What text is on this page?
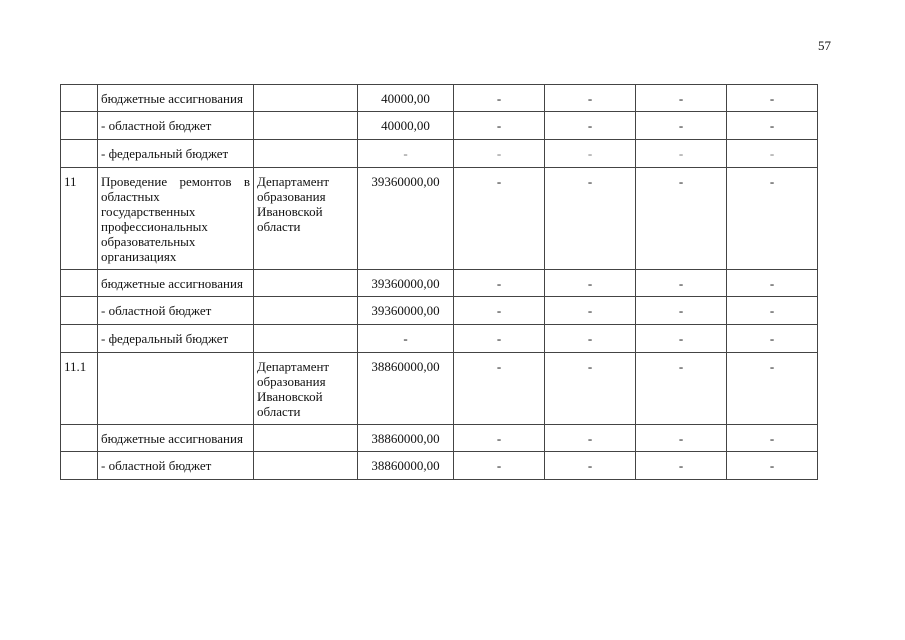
57
	бюджетные ассигнования		40000,00	-	-	-	-
	- областной бюджет		40000,00	-	-	-	-
	- федеральный бюджет		-	-	-	-	-
11	Проведение ремонтов в областных государственных профессиональных образовательных организациях	Департамент образования Ивановской области	39360000,00	-	-	-	-
	бюджетные ассигнования		39360000,00	-	-	-	-
	- областной бюджет		39360000,00	-	-	-	-
	- федеральный бюджет		-	-	-	-	-
11.1		Департамент образования Ивановской области	38860000,00	-	-	-	-
	бюджетные ассигнования		38860000,00	-	-	-	-
	- областной бюджет		38860000,00	-	-	-	-
